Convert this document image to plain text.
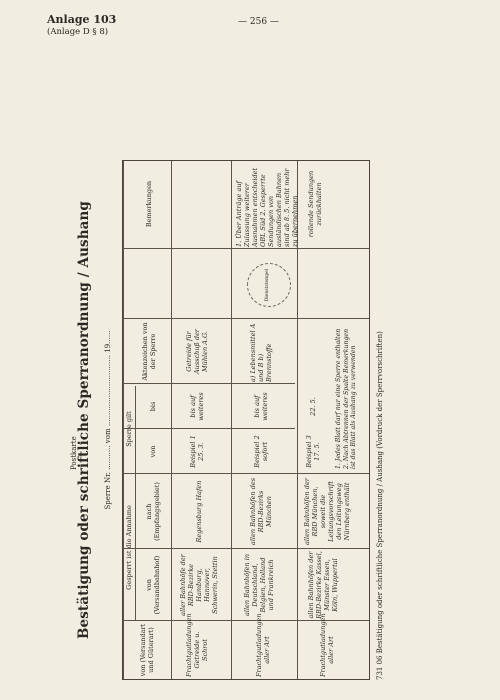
Anlage 103
(Anlage D § 8)
— 256 —
Postkarte
Bestätigung oder schriftliche Sperranordnung / Aushang Sperre Nr. ........... vom ................................ 19......
von (Versandart und Güterart)
Gesperrt ist die Annahme von (Versandbahnhof)
nach (Empfangsgebiet)
Sperre gilt
von
bis
Aktenzeichen von der Sperre
Bemerkungen
Frachtgutladungen Getreide u. Schrot
aller Bahnhöfe der RBD-Bezirke Hamburg, Hannover, Schwerin, Stettin
Regensburg Hafen
Beispiel 1 25. 3.
bis auf weiteres
Getreide für Ausschuß der Mühlen A.G.
Frachtgutladungen aller Art
allen Bahnhöfen in Deutschland, Belgien, Holland und Frankreich
allen Bahnhöfen des RBD-Bezirks München
Beispiel 2 sofort
bis auf weiteres
a) Lebensmittel A und B b) Brennstoffe
1. Über Anträge auf Zulassung weiterer Ausnahmen entscheidet OBL Süd 2. Gesperrte Sendungen von ausländischen Bahnen sind ab 8. 5. nicht mehr zu übernehmen
Frachtgutladungen aller Art
allen Bahnhöfen der RBD-Bezirke Kassel, Münster Essen, Köln, Wuppertal
allen Bahnhöfen der RBD München, soweit die Leitungsvorschrift den Leitungsweg Nürnberg enthält
Beispiel 3 17. 5.
22. 5.
rollende Sendungen zurückhalten
Dienststempel
1. Jedes Blatt darf nur eine Sperre enthalten 2. Nach Abtrennen der Spalte Bemerkungen ist das Blatt als Aushang zu verwenden	731 06 Bestätigung oder schriftliche Sperranordnung / Aushang (Vordruck der Sperrvorschriften)
